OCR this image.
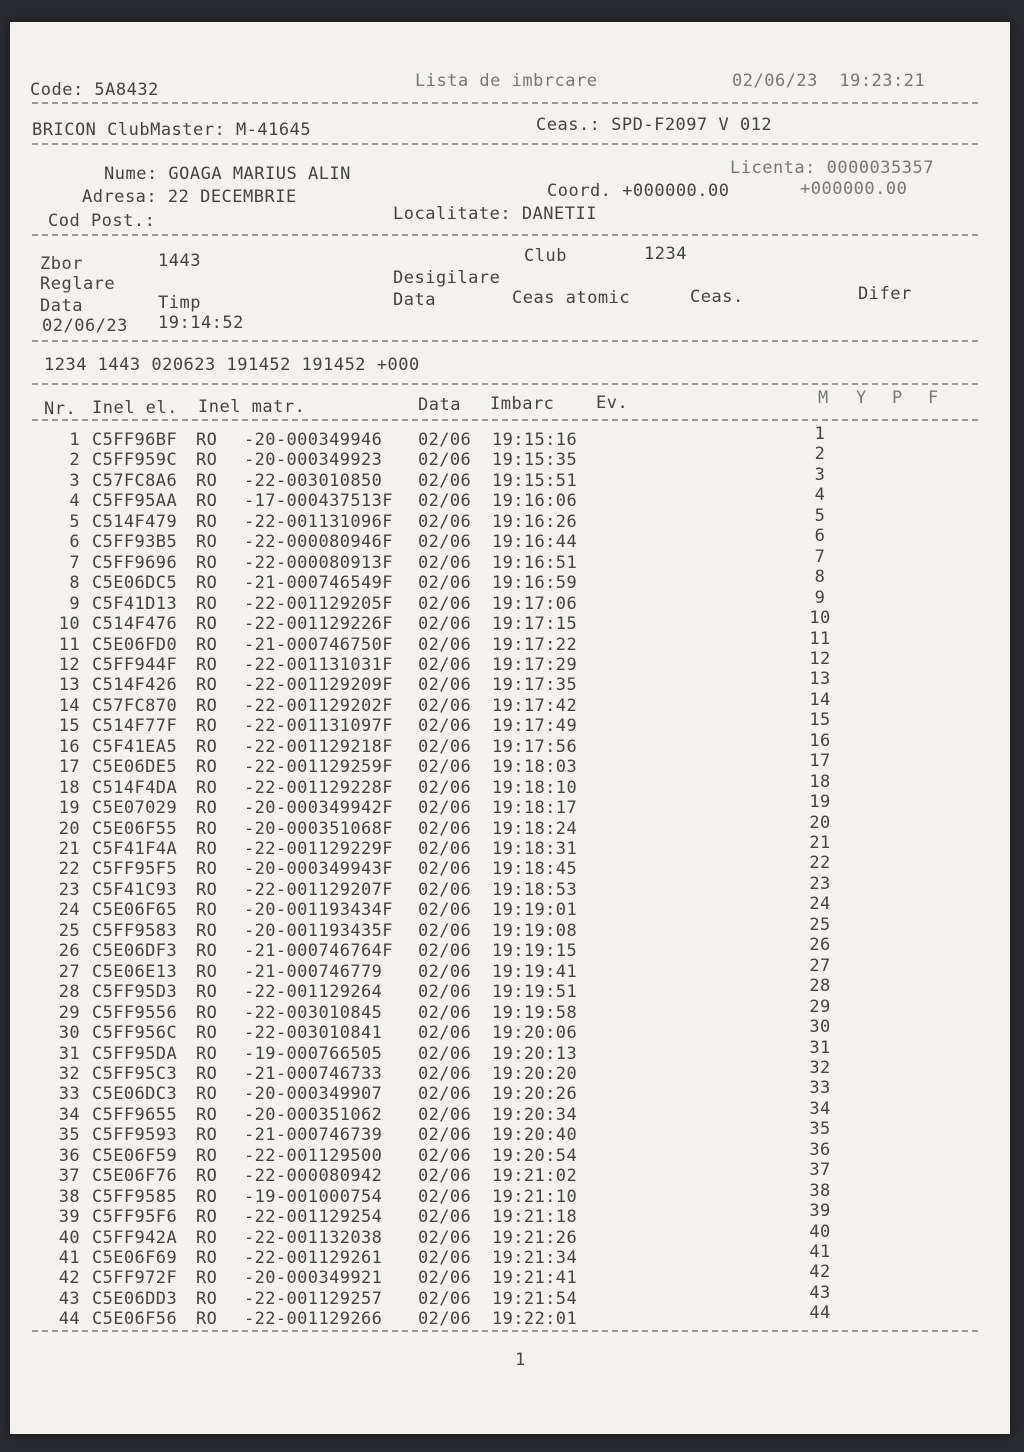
Code: 5A8432	Lista de imbrcare	02/06/23  19:23:21
BRICON ClubMaster: M-41645	Ceas.: SPD-F2097 V 012
Nume: GOAGA MARIUS ALIN	Licenta: 0000035357
Adresa: 22 DECEMBRIE	Coord. +000000.00	+000000.00
Cod Post.:	Localitate: DANETII
Zbor	1443	Club	1234
Reglare	Desigilare
Data	Timp	Data	Ceas atomic	Ceas.	Difer
02/06/23 19:14:52
1234 1443 020623 191452 191452 +000
Nr. Inel el. Inel matr.	Data Imbarc Ev.	M Y P F
1 C5FF96BF RO -20-000349946 02/06 19:15:16	1
2 C5FF959C RO -20-000349923 02/06 19:15:35	2
3 C57FC8A6 RO -22-003010850 02/06 19:15:51	3
4 C5FF95AA RO -17-000437513F 02/06 19:16:06	4
5 C514F479 RO -22-001131096F 02/06 19:16:26	5
6 C5FF93B5 RO -22-000080946F 02/06 19:16:44	6
7 C5FF9696 RO -22-000080913F 02/06 19:16:51	7
8 C5E06DC5 RO -21-000746549F 02/06 19:16:59	8
9 C5F41D13 RO -22-001129205F 02/06 19:17:06	9
10 C514F476 RO -22-001129226F 02/06 19:17:15	10
11 C5E06FD0 RO -21-000746750F 02/06 19:17:22	11
12 C5FF944F RO -22-001131031F 02/06 19:17:29	12
13 C514F426 RO -22-001129209F 02/06 19:17:35	13
14 C57FC870 RO -22-001129202F 02/06 19:17:42	14
15 C514F77F RO -22-001131097F 02/06 19:17:49	15
16 C5F41EA5 RO -22-001129218F 02/06 19:17:56	16
17 C5E06DE5 RO -22-001129259F 02/06 19:18:03	17
18 C514F4DA RO -22-001129228F 02/06 19:18:10	18
19 C5E07029 RO -20-000349942F 02/06 19:18:17	19
20 C5E06F55 RO -20-000351068F 02/06 19:18:24	20
21 C5F41F4A RO -22-001129229F 02/06 19:18:31	21
22 C5FF95F5 RO -20-000349943F 02/06 19:18:45	22
23 C5F41C93 RO -22-001129207F 02/06 19:18:53	23
24 C5E06F65 RO -20-001193434F 02/06 19:19:01	24
25 C5FF9583 RO -20-001193435F 02/06 19:19:08	25
26 C5E06DF3 RO -21-000746764F 02/06 19:19:15	26
27 C5E06E13 RO -21-000746779 02/06 19:19:41	27
28 C5FF95D3 RO -22-001129264 02/06 19:19:51	28
29 C5FF9556 RO -22-003010845 02/06 19:19:58	29
30 C5FF956C RO -22-003010841 02/06 19:20:06	30
31 C5FF95DA RO -19-000766505 02/06 19:20:13	31
32 C5FF95C3 RO -21-000746733 02/06 19:20:20	32
33 C5E06DC3 RO -20-000349907 02/06 19:20:26	33
34 C5FF9655 RO -20-000351062 02/06 19:20:34	34
35 C5FF9593 RO -21-000746739 02/06 19:20:40	35
36 C5E06F59 RO -22-001129500 02/06 19:20:54	36
37 C5E06F76 RO -22-000080942 02/06 19:21:02	37
38 C5FF9585 RO -19-001000754 02/06 19:21:10	38
39 C5FF95F6 RO -22-001129254 02/06 19:21:18	39
40 C5FF942A RO -22-001132038 02/06 19:21:26	40
41 C5E06F69 RO -22-001129261 02/06 19:21:34	41
42 C5FF972F RO -20-000349921 02/06 19:21:41	42
43 C5E06DD3 RO -22-001129257 02/06 19:21:54	43
44 C5E06F56 RO -22-001129266 02/06 19:22:01	44
1
